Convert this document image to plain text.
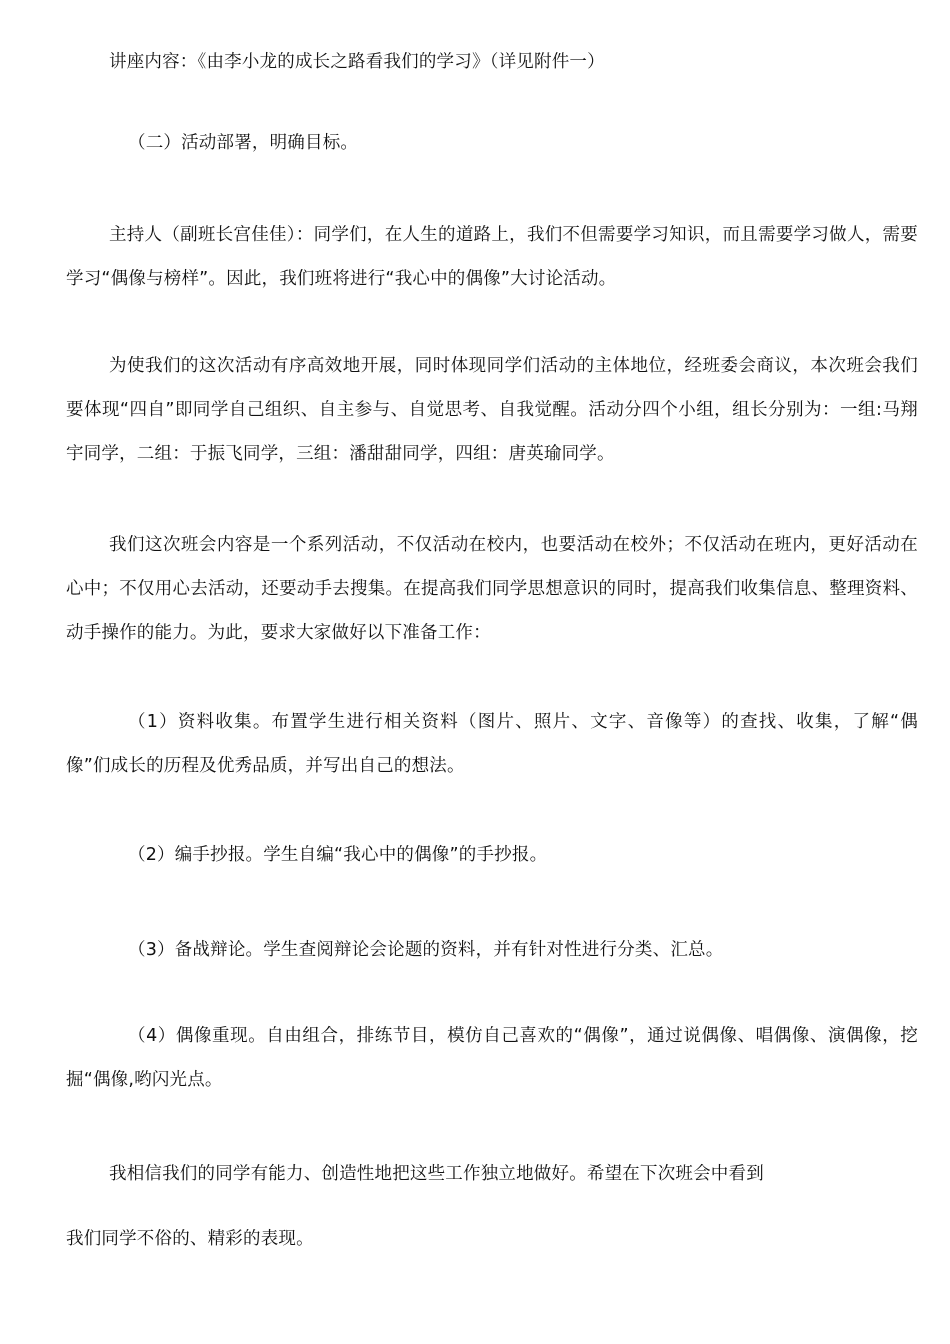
讲座内容：《由李小龙的成长之路看我们的学习》（详见附件一）

（二）活动部署，明确目标。

主持人（副班长宫佳佳）：同学们，在人生的道路上，我们不但需要学习知识，而且需要学习做人，需要学习“偶像与榜样”。因此，我们班将进行“我心中的偶像”大讨论活动。

为使我们的这次活动有序高效地开展，同时体现同学们活动的主体地位，经班委会商议，本次班会我们要体现“四自”即同学自己组织、自主参与、自觉思考、自我觉醒。活动分四个小组，组长分别为：一组:马翔宇同学，二组：于振飞同学，三组：潘甜甜同学，四组：唐英瑜同学。

我们这次班会内容是一个系列活动，不仅活动在校内，也要活动在校外；不仅活动在班内，更好活动在心中；不仅用心去活动，还要动手去搜集。在提高我们同学思想意识的同时，提高我们收集信息、整理资料、动手操作的能力。为此，要求大家做好以下准备工作：

（1）资料收集。布置学生进行相关资料（图片、照片、文字、音像等）的查找、收集，了解“偶像”们成长的历程及优秀品质，并写出自己的想法。

（2）编手抄报。学生自编“我心中的偶像”的手抄报。

（3）备战辩论。学生查阅辩论会论题的资料，并有针对性进行分类、汇总。

（4）偶像重现。自由组合，排练节目，模仿自己喜欢的“偶像”，通过说偶像、唱偶像、演偶像，挖掘“偶像,哟闪光点。

我相信我们的同学有能力、创造性地把这些工作独立地做好。希望在下次班会中看到

我们同学不俗的、精彩的表现。
